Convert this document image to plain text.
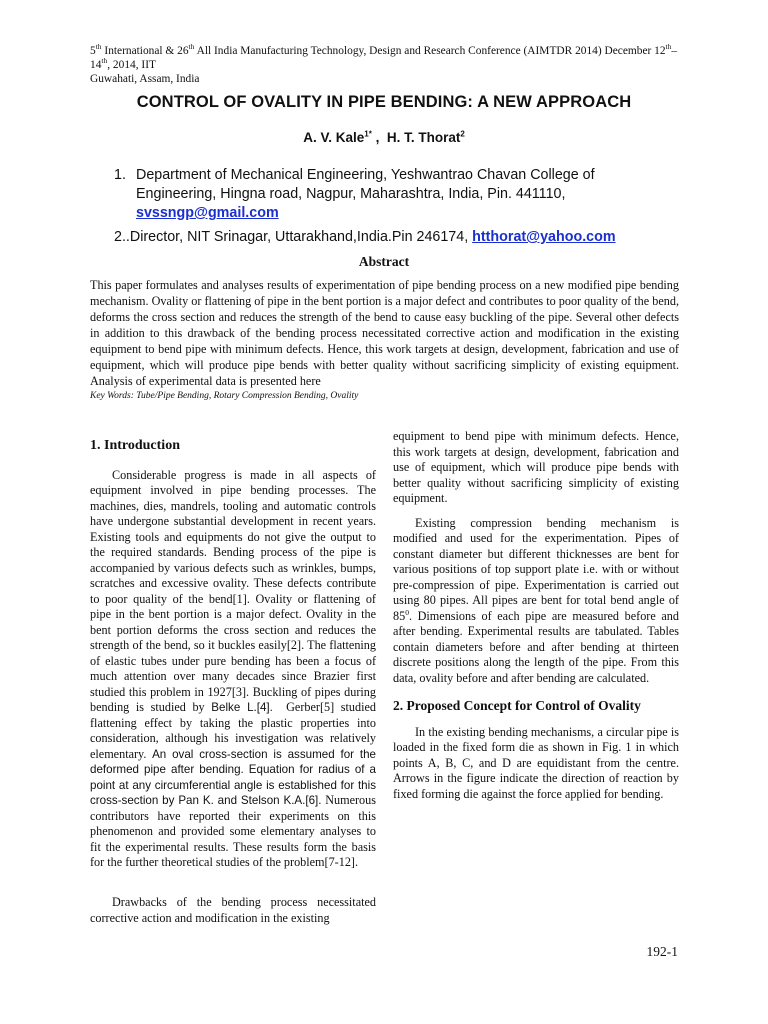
5th International & 26th All India Manufacturing Technology, Design and Research Conference (AIMTDR 2014) December 12th–14th, 2014, IIT
Guwahati, Assam, India
CONTROL OF OVALITY IN PIPE BENDING: A NEW APPROACH
A. V. Kale$^{1*}$ ,  H. T. Thorat$^2$
1. Department of Mechanical Engineering, Yeshwantrao Chavan College of
Engineering, Hingna road, Nagpur, Maharashtra, India, Pin. 441110,
svssngp@gmail.com
2..Director, NIT Srinagar, Uttarakhand,India.Pin 246174, htthorat@yahoo.com
Abstract
This paper formulates and analyses results of experimentation of pipe bending process on a new modified pipe bending mechanism. Ovality or flattening of pipe in the bent portion is a major defect and contributes to poor quality of the bend, deforms the cross section and reduces the strength of the bend to cause easy buckling of the pipe. Several other defects in addition to this drawback of the bending process necessitated corrective action and modification in the existing equipment to bend pipe with minimum defects. Hence, this work targets at design, development, fabrication and use of equipment, which will produce pipe bends with better quality without sacrificing simplicity of existing equipment. Analysis of experimental data is presented here
Key Words: Tube/Pipe Bending, Rotary Compression Bending, Ovality
1. Introduction

Considerable progress is made in all aspects of equipment involved in pipe bending processes. The machines, dies, mandrels, tooling and automatic controls have undergone substantial development in recent years. Existing tools and equipments do not give the output to the required standards. Bending process of the pipe is accompanied by various defects such as wrinkles, bumps, scratches and excessive ovality. These defects contribute to poor quality of the bend[1]. Ovality or flattening of pipe in the bent portion is a major defect. Ovality in the bent portion deforms the cross section and reduces the strength of the bend, so it buckles easily[2]. The flattening of elastic tubes under pure bending has been a focus of much attention over many decades since Brazier first studied this problem in 1927[3]. Buckling of pipes during bending is studied by Belke L.[4].  Gerber[5] studied flattening effect by taking the plastic properties into consideration, although his investigation was relatively elementary. An oval cross-section is assumed for the deformed pipe after bending. Equation for radius of a point at any circumferential angle is established for this cross-section by Pan K. and Stelson K.A.[6]. Numerous contributors have reported their experiments on this phenomenon and provided some elementary analyses to fit the experimental results. These results form the basis for the further theoretical studies of the problem[7-12].

Drawbacks of the bending process necessitated corrective action and modification in the existing

equipment to bend pipe with minimum defects. Hence, this work targets at design, development, fabrication and use of equipment, which will produce pipe bends with better quality without sacrificing simplicity of existing equipment.

Existing compression bending mechanism is modified and used for the experimentation. Pipes of constant diameter but different thicknesses are bent for various positions of top support plate i.e. with or without pre-compression of pipe. Experimentation is carried out using 80 pipes. All pipes are bent for total bend angle of $85^0$. Dimensions of each pipe are measured before and after bending. Experimental results are tabulated. Tables contain diameters before and after bending at thirteen discrete positions along the length of the pipe. From this data, ovality before and after bending are calculated.

2. Proposed Concept for Control of Ovality

In the existing bending mechanisms, a circular pipe is loaded in the fixed form die as shown in Fig. 1 in which points A, B, C, and D are equidistant from the centre. Arrows in the figure indicate the direction of reaction by fixed forming die against the force applied for bending.

192-1
